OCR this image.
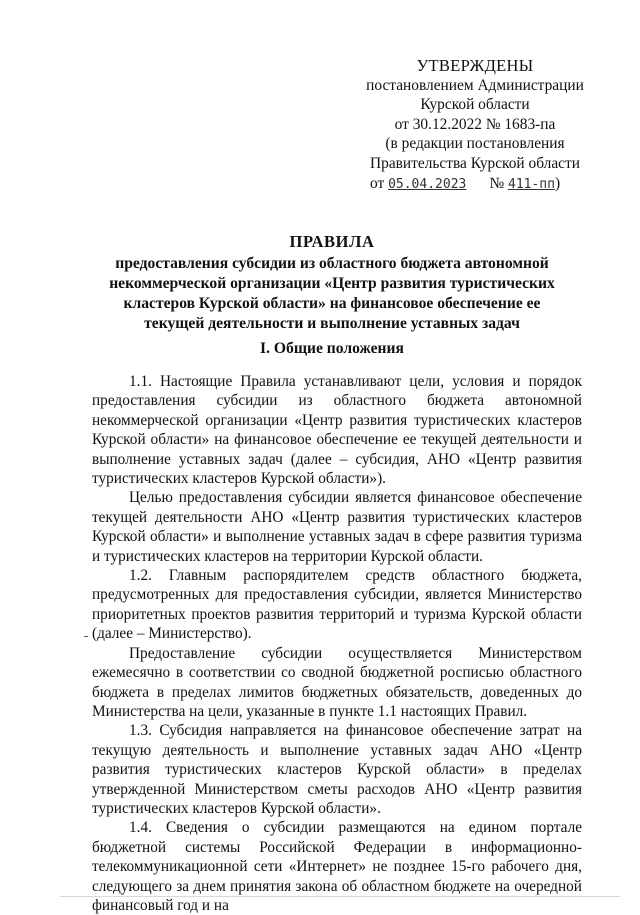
УТВЕРЖДЕНЫ
постановлением Администрации
Курской области
от 30.12.2022 № 1683-па
(в редакции постановления
Правительства Курской области
от 05.04.2023 № 411-пп)
ПРАВИЛА
предоставления субсидии из областного бюджета автономной некоммерческой организации «Центр развития туристических кластеров Курской области» на финансовое обеспечение ее текущей деятельности и выполнение уставных задач
I. Общие положения

1.1. Настоящие Правила устанавливают цели, условия и порядок предоставления субсидии из областного бюджета автономной некоммерческой организации «Центр развития туристических кластеров Курской области» на финансовое обеспечение ее текущей деятельности и выполнение уставных задач (далее – субсидия, АНО «Центр развития туристических кластеров Курской области»).

Целью предоставления субсидии является финансовое обеспечение текущей деятельности АНО «Центр развития туристических кластеров Курской области» и выполнение уставных задач в сфере развития туризма и туристических кластеров на территории Курской области.

1.2. Главным распорядителем средств областного бюджета, предусмотренных для предоставления субсидии, является Министерство приоритетных проектов развития территорий и туризма Курской области (далее – Министерство).

Предоставление субсидии осуществляется Министерством ежемесячно в соответствии со сводной бюджетной росписью областного бюджета в пределах лимитов бюджетных обязательств, доведенных до Министерства на цели, указанные в пункте 1.1 настоящих Правил.

1.3. Субсидия направляется на финансовое обеспечение затрат на текущую деятельность и выполнение уставных задач АНО «Центр развития туристических кластеров Курской области» в пределах утвержденной Министерством сметы расходов АНО «Центр развития туристических кластеров Курской области».

1.4. Сведения о субсидии размещаются на едином портале бюджетной системы Российской Федерации в информационно-телекоммуникационной сети «Интернет» не позднее 15-го рабочего дня, следующего за днем принятия закона об областном бюджете на очередной финансовый год и на
